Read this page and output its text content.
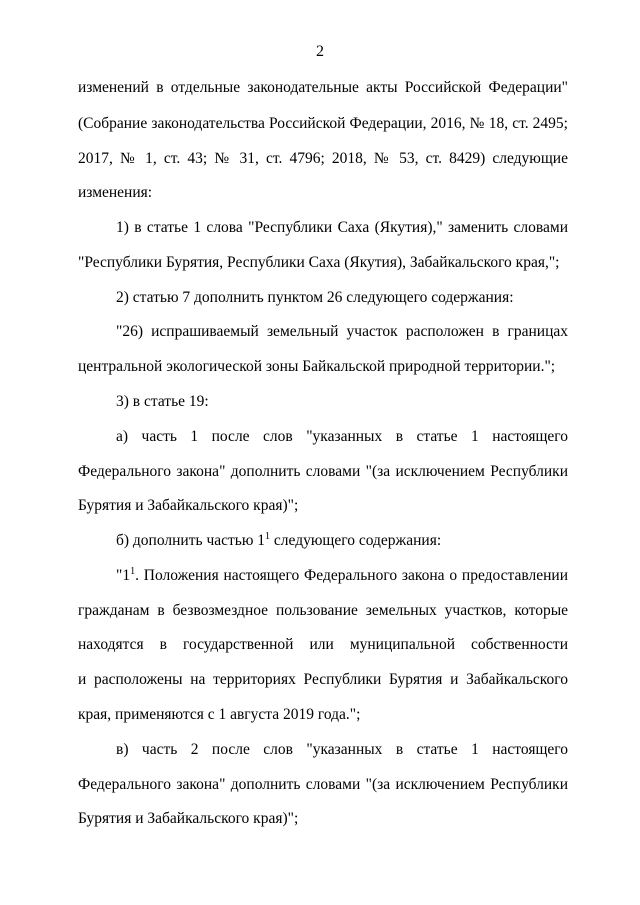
2
изменений в отдельные законодательные акты Российской Федерации"
(Собрание законодательства Российской Федерации, 2016, № 18, ст. 2495;
2017, № 1, ст. 43; № 31, ст. 4796; 2018, № 53, ст. 8429) следующие
изменения:
1) в статье 1 слова "Республики Саха (Якутия)," заменить словами
"Республики Бурятия, Республики Саха (Якутия), Забайкальского края,";
2) статью 7 дополнить пунктом 26 следующего содержания:
"26) испрашиваемый земельный участок расположен в границах
центральной экологической зоны Байкальской природной территории.";
3) в статье 19:
а) часть 1 после слов "указанных в статье 1 настоящего
Федерального закона" дополнить словами "(за исключением Республики
Бурятия и Забайкальского края)";
б) дополнить частью $1^1$ следующего содержания:
"$1^1$. Положения настоящего Федерального закона о предоставлении
гражданам в безвозмездное пользование земельных участков, которые
находятся в государственной или муниципальной собственности
и расположены на территориях Республики Бурятия и Забайкальского
края, применяются с 1 августа 2019 года.";
в) часть 2 после слов "указанных в статье 1 настоящего
Федерального закона" дополнить словами "(за исключением Республики
Бурятия и Забайкальского края)";
